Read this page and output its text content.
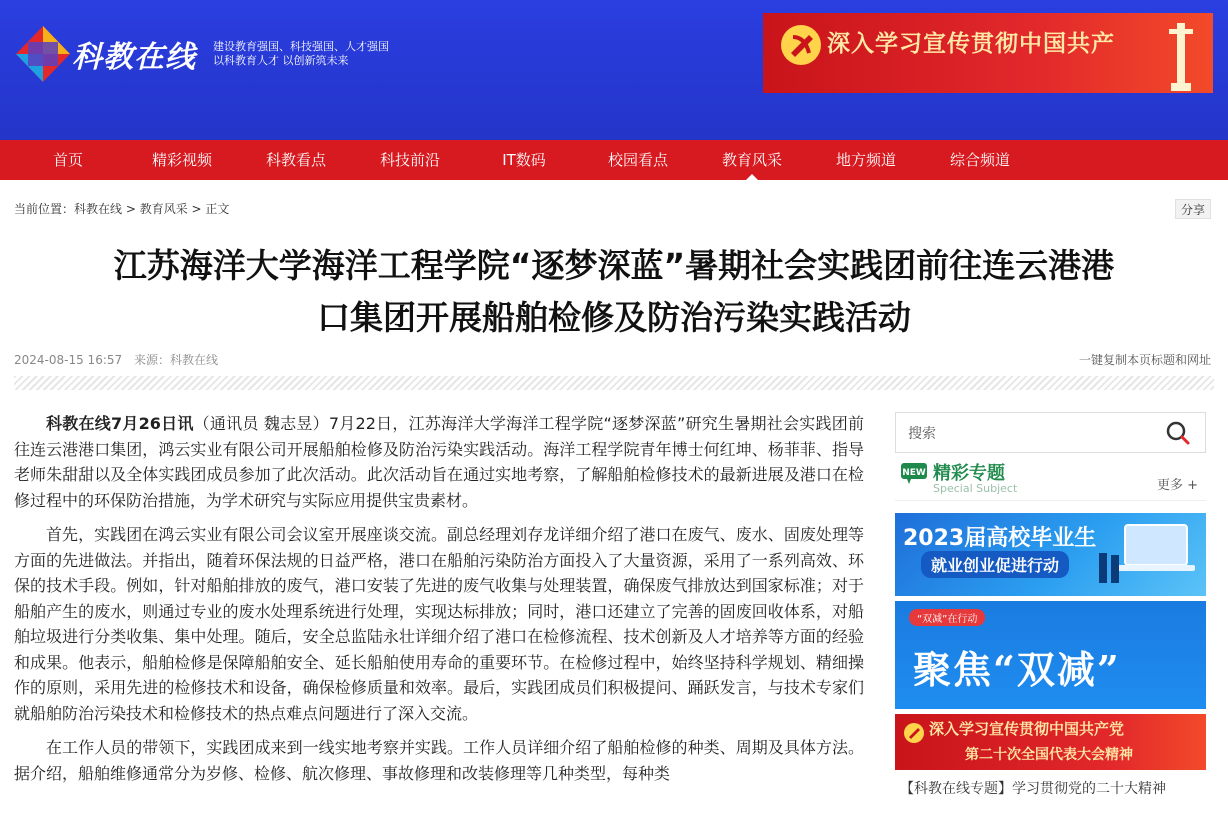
科教在线 建设教育强国、科技强国、人才强国
以科教育人才 以创新筑未来
深入学习宣传贯彻中国共产
首页	精彩视频	科教看点	科技前沿	IT数码	校园看点	教育风采	地方频道	综合频道
当前位置：科教在线 > 教育风采 > 正文	分享
江苏海洋大学海洋工程学院“逐梦深蓝”暑期社会实践团前往连云港港
口集团开展船舶检修及防治污染实践活动
2024-08-15 16:57 来源：科教在线	一键复制本页标题和网址

科教在线7月26日讯（通讯员 魏志昱）7月22日，江苏海洋大学海洋工程学院“逐梦深蓝”研究生暑期社会实践团前往连云港港口集团，鸿云实业有限公司开展船舶检修及防治污染实践活动。海洋工程学院青年博士何红坤、杨菲菲、指导老师朱甜甜以及全体实践团成员参加了此次活动。此次活动旨在通过实地考察，了解船舶检修技术的最新进展及港口在检修过程中的环保防治措施，为学术研究与实际应用提供宝贵素材。

首先，实践团在鸿云实业有限公司会议室开展座谈交流。副总经理刘存龙详细介绍了港口在废气、废水、固废处理等方面的先进做法。并指出，随着环保法规的日益严格，港口在船舶污染防治方面投入了大量资源，采用了一系列高效、环保的技术手段。例如，针对船舶排放的废气，港口安装了先进的废气收集与处理装置，确保废气排放达到国家标准；对于船舶产生的废水，则通过专业的废水处理系统进行处理，实现达标排放；同时，港口还建立了完善的固废回收体系，对船舶垃圾进行分类收集、集中处理。随后，安全总监陆永壮详细介绍了港口在检修流程、技术创新及人才培养等方面的经验和成果。他表示，船舶检修是保障船舶安全、延长船舶使用寿命的重要环节。在检修过程中，始终坚持科学规划、精细操作的原则，采用先进的检修技术和设备，确保检修质量和效率。最后，实践团成员们积极提问、踊跃发言，与技术专家们就船舶防治污染技术和检修技术的热点难点问题进行了深入交流。

在工作人员的带领下，实践团成来到一线实地考察并实践。工作人员详细介绍了船舶检修的种类、周期及具体方法。据介绍，船舶维修通常分为岁修、检修、航次修理、事故修理和改装修理等几种类型，每种类

搜索
NEW 精彩专题
Special Subject	更多 +
2023届高校毕业生
就业创业促进行动
“双减”在行动
聚焦“双减”
深入学习宣传贯彻中国共产党
第二十次全国代表大会精神
【科教在线专题】学习贯彻党的二十大精神
